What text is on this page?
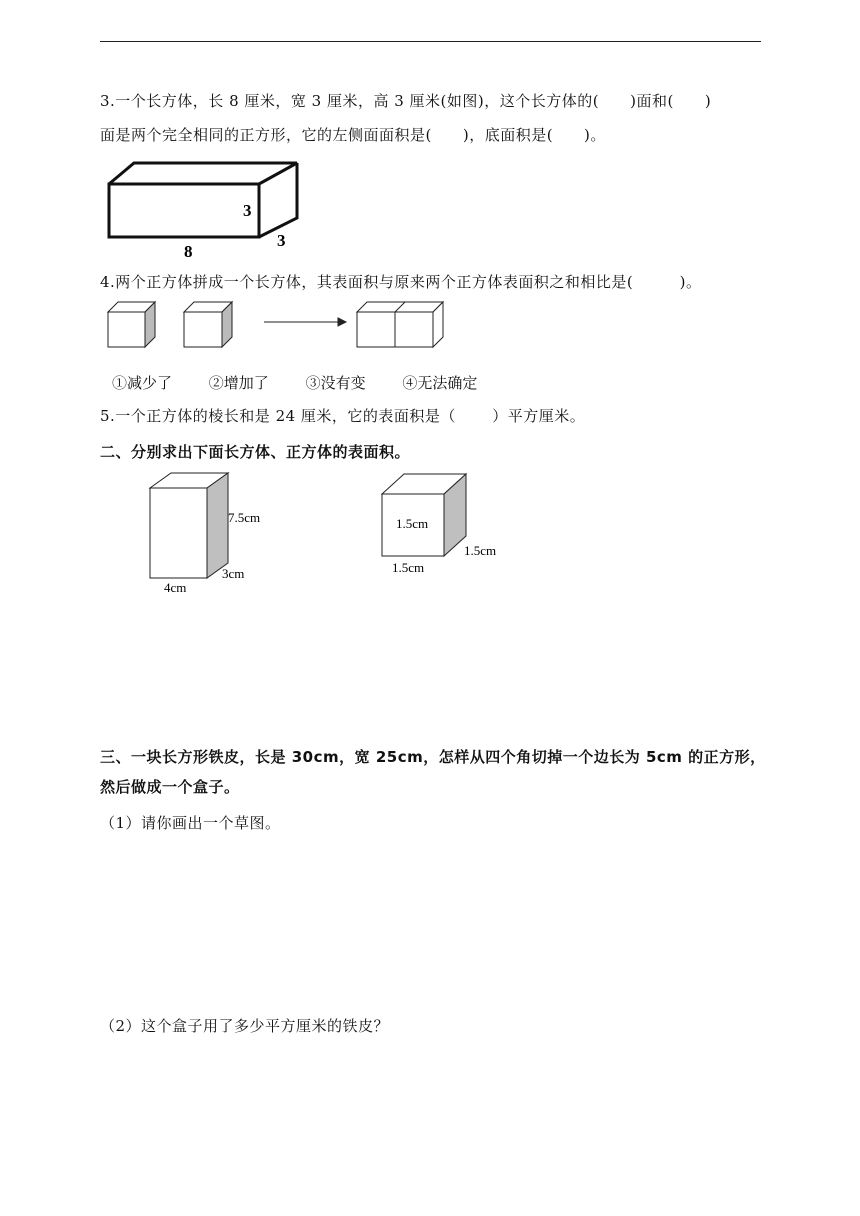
3.一个长方体，长 8 厘米，宽 3 厘米，高 3 厘米(如图)，这个长方体的(　　)面和(　　)
面是两个完全相同的正方形，它的左侧面面积是(　　)，底面积是(　　)。
3
3
8
4.两个正方体拼成一个长方体，其表面积与原来两个正方体表面积之和相比是(　　　)。
①减少了 ②增加了 ③没有变 ④无法确定
5.一个正方体的棱长和是 24 厘米，它的表面积是（　　 ）平方厘米。
二、分别求出下面长方体、正方体的表面积。
7.5cm
3cm
4cm
1.5cm
1.5cm
1.5cm
三、一块长方形铁皮，长是 30cm，宽 25cm，怎样从四个角切掉一个边长为 5cm 的正方形，
然后做成一个盒子。
（1）请你画出一个草图。
（2）这个盒子用了多少平方厘米的铁皮？
